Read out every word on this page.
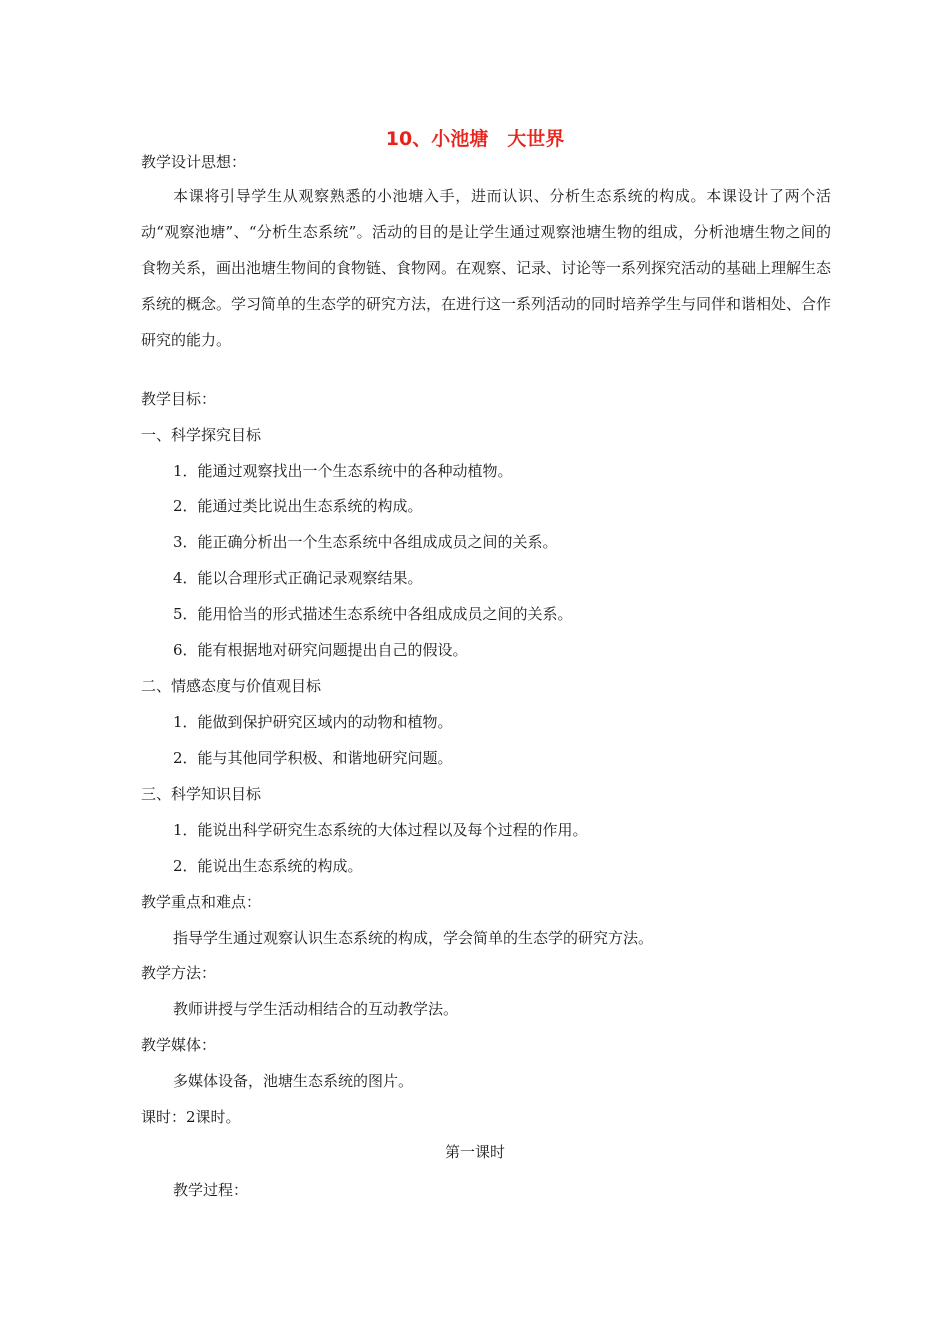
10、小池塘　大世界
教学设计思想：
本课将引导学生从观察熟悉的小池塘入手，进而认识、分析生态系统的构成。本课设计了两个活动“观察池塘”、“分析生态系统”。活动的目的是让学生通过观察池塘生物的组成，分析池塘生物之间的食物关系，画出池塘生物间的食物链、食物网。在观察、记录、讨论等一系列探究活动的基础上理解生态系统的概念。学习简单的生态学的研究方法，在进行这一系列活动的同时培养学生与同伴和谐相处、合作研究的能力。
教学目标：
一、科学探究目标
1．能通过观察找出一个生态系统中的各种动植物。
2．能通过类比说出生态系统的构成。
3．能正确分析出一个生态系统中各组成成员之间的关系。
4．能以合理形式正确记录观察结果。
5．能用恰当的形式描述生态系统中各组成成员之间的关系。
6．能有根据地对研究问题提出自己的假设。
二、情感态度与价值观目标
1．能做到保护研究区域内的动物和植物。
2．能与其他同学积极、和谐地研究问题。
三、科学知识目标
1．能说出科学研究生态系统的大体过程以及每个过程的作用。
2．能说出生态系统的构成。
教学重点和难点：
指导学生通过观察认识生态系统的构成，学会简单的生态学的研究方法。
教学方法：
教师讲授与学生活动相结合的互动教学法。
教学媒体：
多媒体设备，池塘生态系统的图片。
课时：2课时。
第一课时
教学过程：
